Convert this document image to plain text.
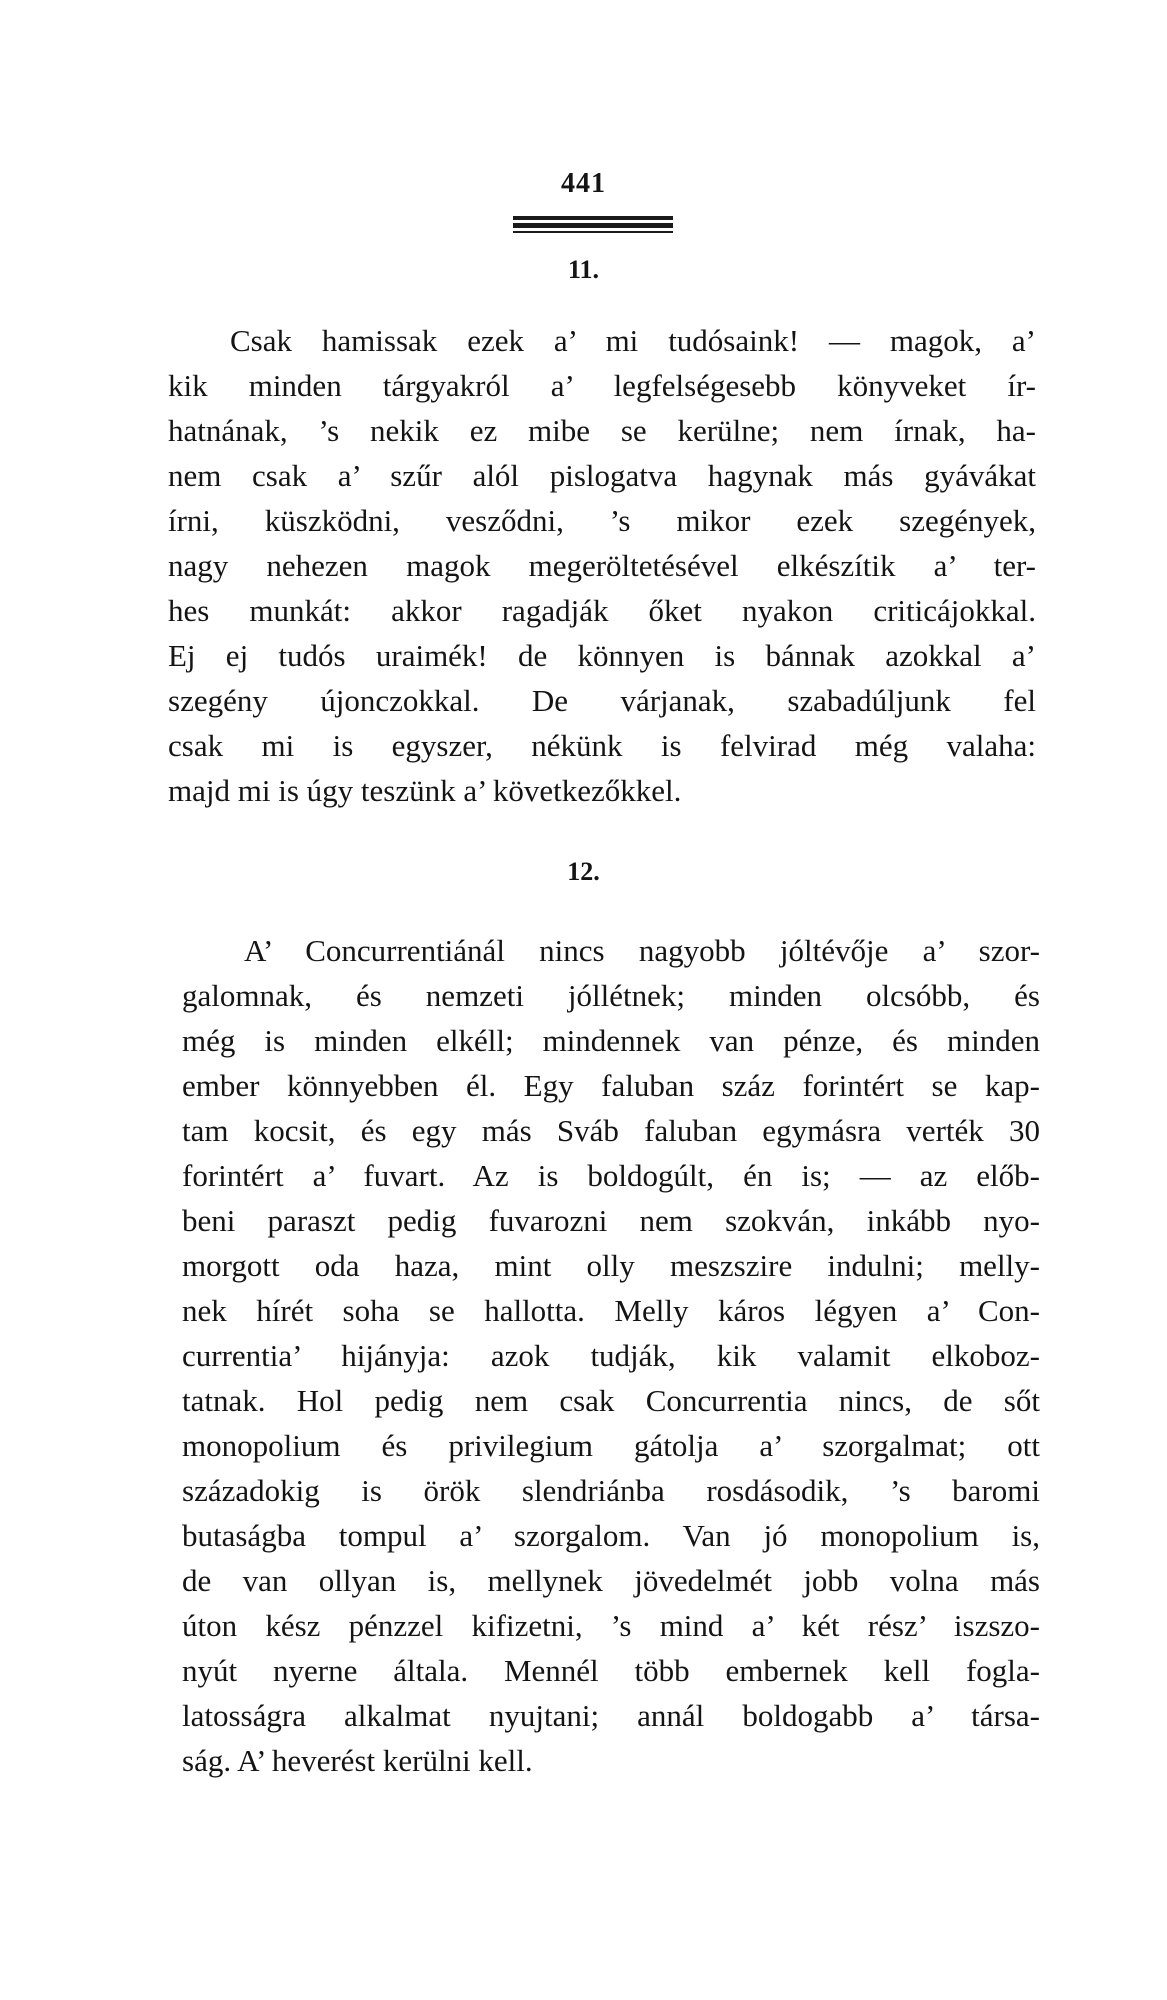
441
11.
Csak hamissak ezek a’ mi tudósaink! — magok, a’
kik minden tárgyakról a’ legfelségesebb könyveket ír-
hatnának, ’s nekik ez mibe se kerülne; nem írnak, ha-
nem csak a’ szűr alól pislogatva hagynak más gyávákat
írni, küszködni, vesződni, ’s mikor ezek szegények,
nagy nehezen magok megeröltetésével elkészítik a’ ter-
hes munkát: akkor ragadják őket nyakon criticájokkal.
Ej ej tudós uraimék! de könnyen is bánnak azokkal a’
szegény újonczokkal. De várjanak, szabadúljunk fel
csak mi is egyszer, nékünk is felvirad még valaha:
majd mi is úgy teszünk a’ következőkkel.
12.
A’ Concurrentiánál nincs nagyobb jóltévője a’ szor-
galomnak, és nemzeti jóllétnek; minden olcsóbb, és
még is minden elkéll; mindennek van pénze, és minden
ember könnyebben él. Egy faluban száz forintért se kap-
tam kocsit, és egy más Sváb faluban egymásra verték 30
forintért a’ fuvart. Az is boldogúlt, én is; — az előb-
beni paraszt pedig fuvarozni nem szokván, inkább nyo-
morgott oda haza, mint olly meszszire indulni; melly-
nek hírét soha se hallotta. Melly káros légyen a’ Con-
currentia’ hijányja: azok tudják, kik valamit elkoboz-
tatnak. Hol pedig nem csak Concurrentia nincs, de sőt
monopolium és privilegium gátolja a’ szorgalmat; ott
századokig is örök slendriánba rosdásodik, ’s baromi
butaságba tompul a’ szorgalom. Van jó monopolium is,
de van ollyan is, mellynek jövedelmét jobb volna más
úton kész pénzzel kifizetni, ’s mind a’ két rész’ iszszo-
nyút nyerne általa. Mennél több embernek kell fogla-
latosságra alkalmat nyujtani; annál boldogabb a’ társa-
ság. A’ heverést kerülni kell.
